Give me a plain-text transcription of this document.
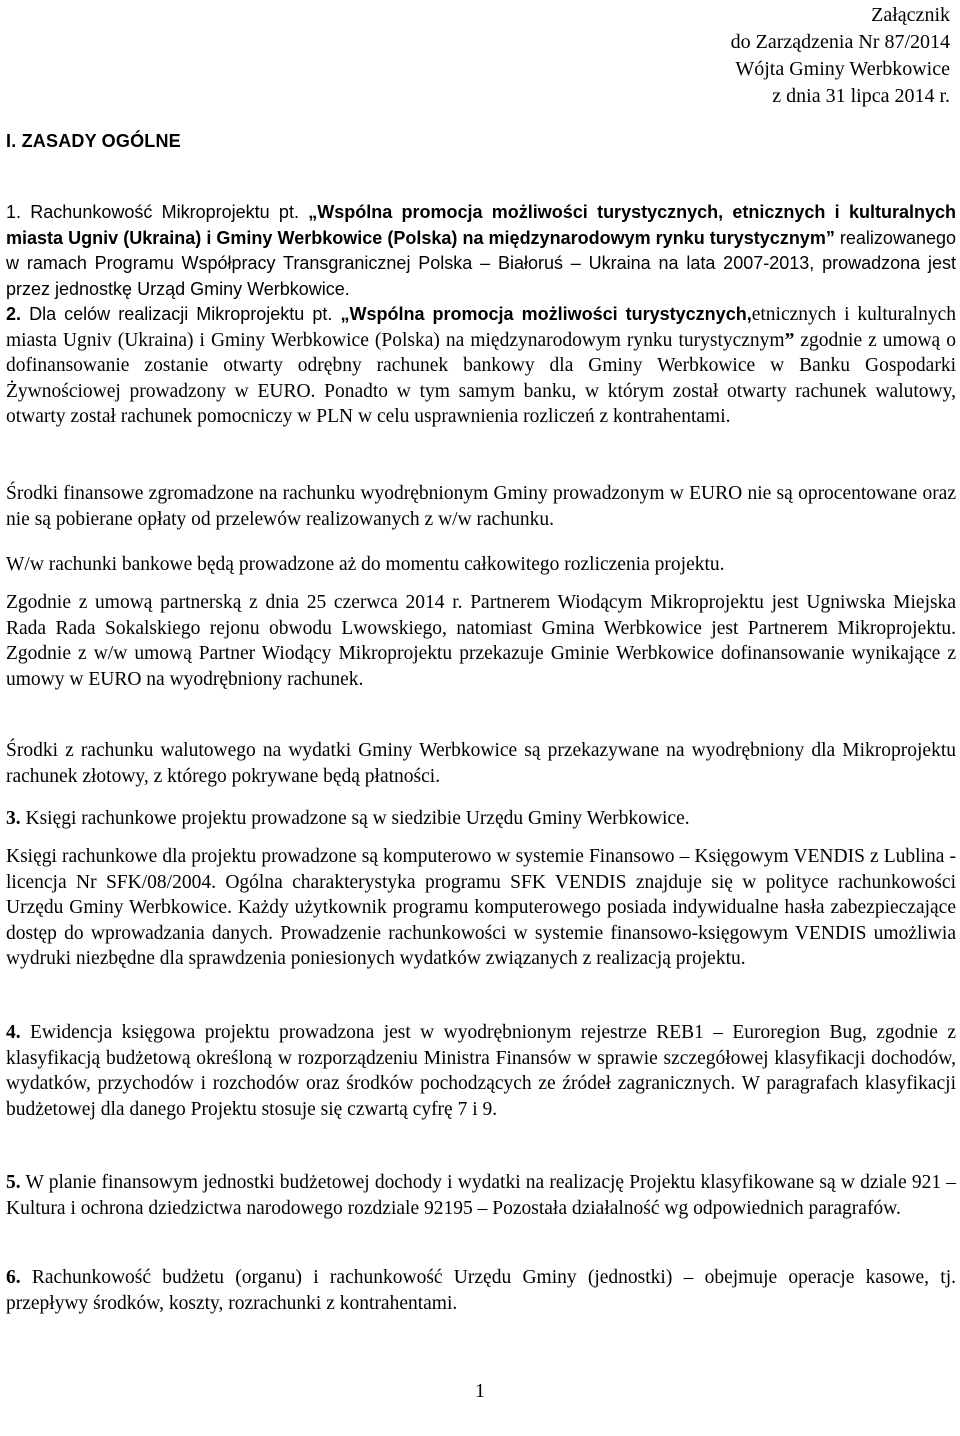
Załącznik
do Zarządzenia Nr 87/2014
Wójta Gminy Werbkowice
z dnia 31 lipca 2014 r.
I. ZASADY OGÓLNE

1. Rachunkowość Mikroprojektu pt. „Wspólna promocja możliwości turystycznych, etnicznych i kulturalnych miasta Ugniv (Ukraina) i Gminy Werbkowice (Polska) na międzynarodowym rynku turystycznym” realizowanego w ramach Programu Współpracy Transgranicznej Polska – Białoruś – Ukraina na lata 2007-2013, prowadzona jest przez jednostkę Urząd Gminy Werbkowice.

2. Dla celów realizacji Mikroprojektu pt. „Wspólna promocja możliwości turystycznych,etnicznych i kulturalnych miasta Ugniv (Ukraina) i Gminy Werbkowice (Polska) na międzynarodowym rynku turystycznym” zgodnie z umową o dofinansowanie zostanie otwarty odrębny rachunek bankowy dla Gminy Werbkowice w Banku Gospodarki Żywnościowej prowadzony w EURO. Ponadto w tym samym banku, w którym został otwarty rachunek walutowy, otwarty został rachunek pomocniczy w PLN w celu usprawnienia rozliczeń z kontrahentami.

Środki finansowe zgromadzone na rachunku wyodrębnionym Gminy prowadzonym w EURO nie są oprocentowane oraz nie są pobierane opłaty od przelewów realizowanych z w/w rachunku.

W/w rachunki bankowe będą prowadzone aż do momentu całkowitego rozliczenia projektu.

Zgodnie z umową partnerską z dnia 25 czerwca 2014 r. Partnerem Wiodącym Mikroprojektu jest Ugniwska Miejska Rada Rada Sokalskiego rejonu obwodu Lwowskiego, natomiast Gmina Werbkowice jest Partnerem Mikroprojektu. Zgodnie z w/w umową Partner Wiodący Mikroprojektu przekazuje Gminie Werbkowice dofinansowanie wynikające z umowy w EURO na wyodrębniony rachunek.

Środki z rachunku walutowego na wydatki Gminy Werbkowice są przekazywane na wyodrębniony dla Mikroprojektu rachunek złotowy, z którego pokrywane będą płatności.

3. Księgi rachunkowe projektu prowadzone są w siedzibie Urzędu Gminy Werbkowice.

Księgi rachunkowe dla projektu prowadzone są komputerowo w systemie Finansowo – Księgowym VENDIS z Lublina - licencja Nr SFK/08/2004. Ogólna charakterystyka programu SFK VENDIS znajduje się w polityce rachunkowości Urzędu Gminy Werbkowice. Każdy użytkownik programu komputerowego posiada indywidualne hasła zabezpieczające dostęp do wprowadzania danych. Prowadzenie rachunkowości w systemie finansowo-księgowym VENDIS umożliwia wydruki niezbędne dla sprawdzenia poniesionych wydatków związanych z realizacją projektu.

4. Ewidencja księgowa projektu prowadzona jest w wyodrębnionym rejestrze REB1 – Euroregion Bug, zgodnie z klasyfikacją budżetową określoną w rozporządzeniu Ministra Finansów w sprawie szczegółowej klasyfikacji dochodów, wydatków, przychodów i rozchodów oraz środków pochodzących ze źródeł zagranicznych. W paragrafach klasyfikacji budżetowej dla danego Projektu stosuje się czwartą cyfrę 7 i 9.

5. W planie finansowym jednostki budżetowej dochody i wydatki na realizację Projektu klasyfikowane są w dziale 921 – Kultura i ochrona dziedzictwa narodowego rozdziale 92195 – Pozostała działalność wg odpowiednich paragrafów.

6. Rachunkowość budżetu (organu) i rachunkowość Urzędu Gminy (jednostki) – obejmuje operacje kasowe, tj. przepływy środków, koszty, rozrachunki z kontrahentami.

1
